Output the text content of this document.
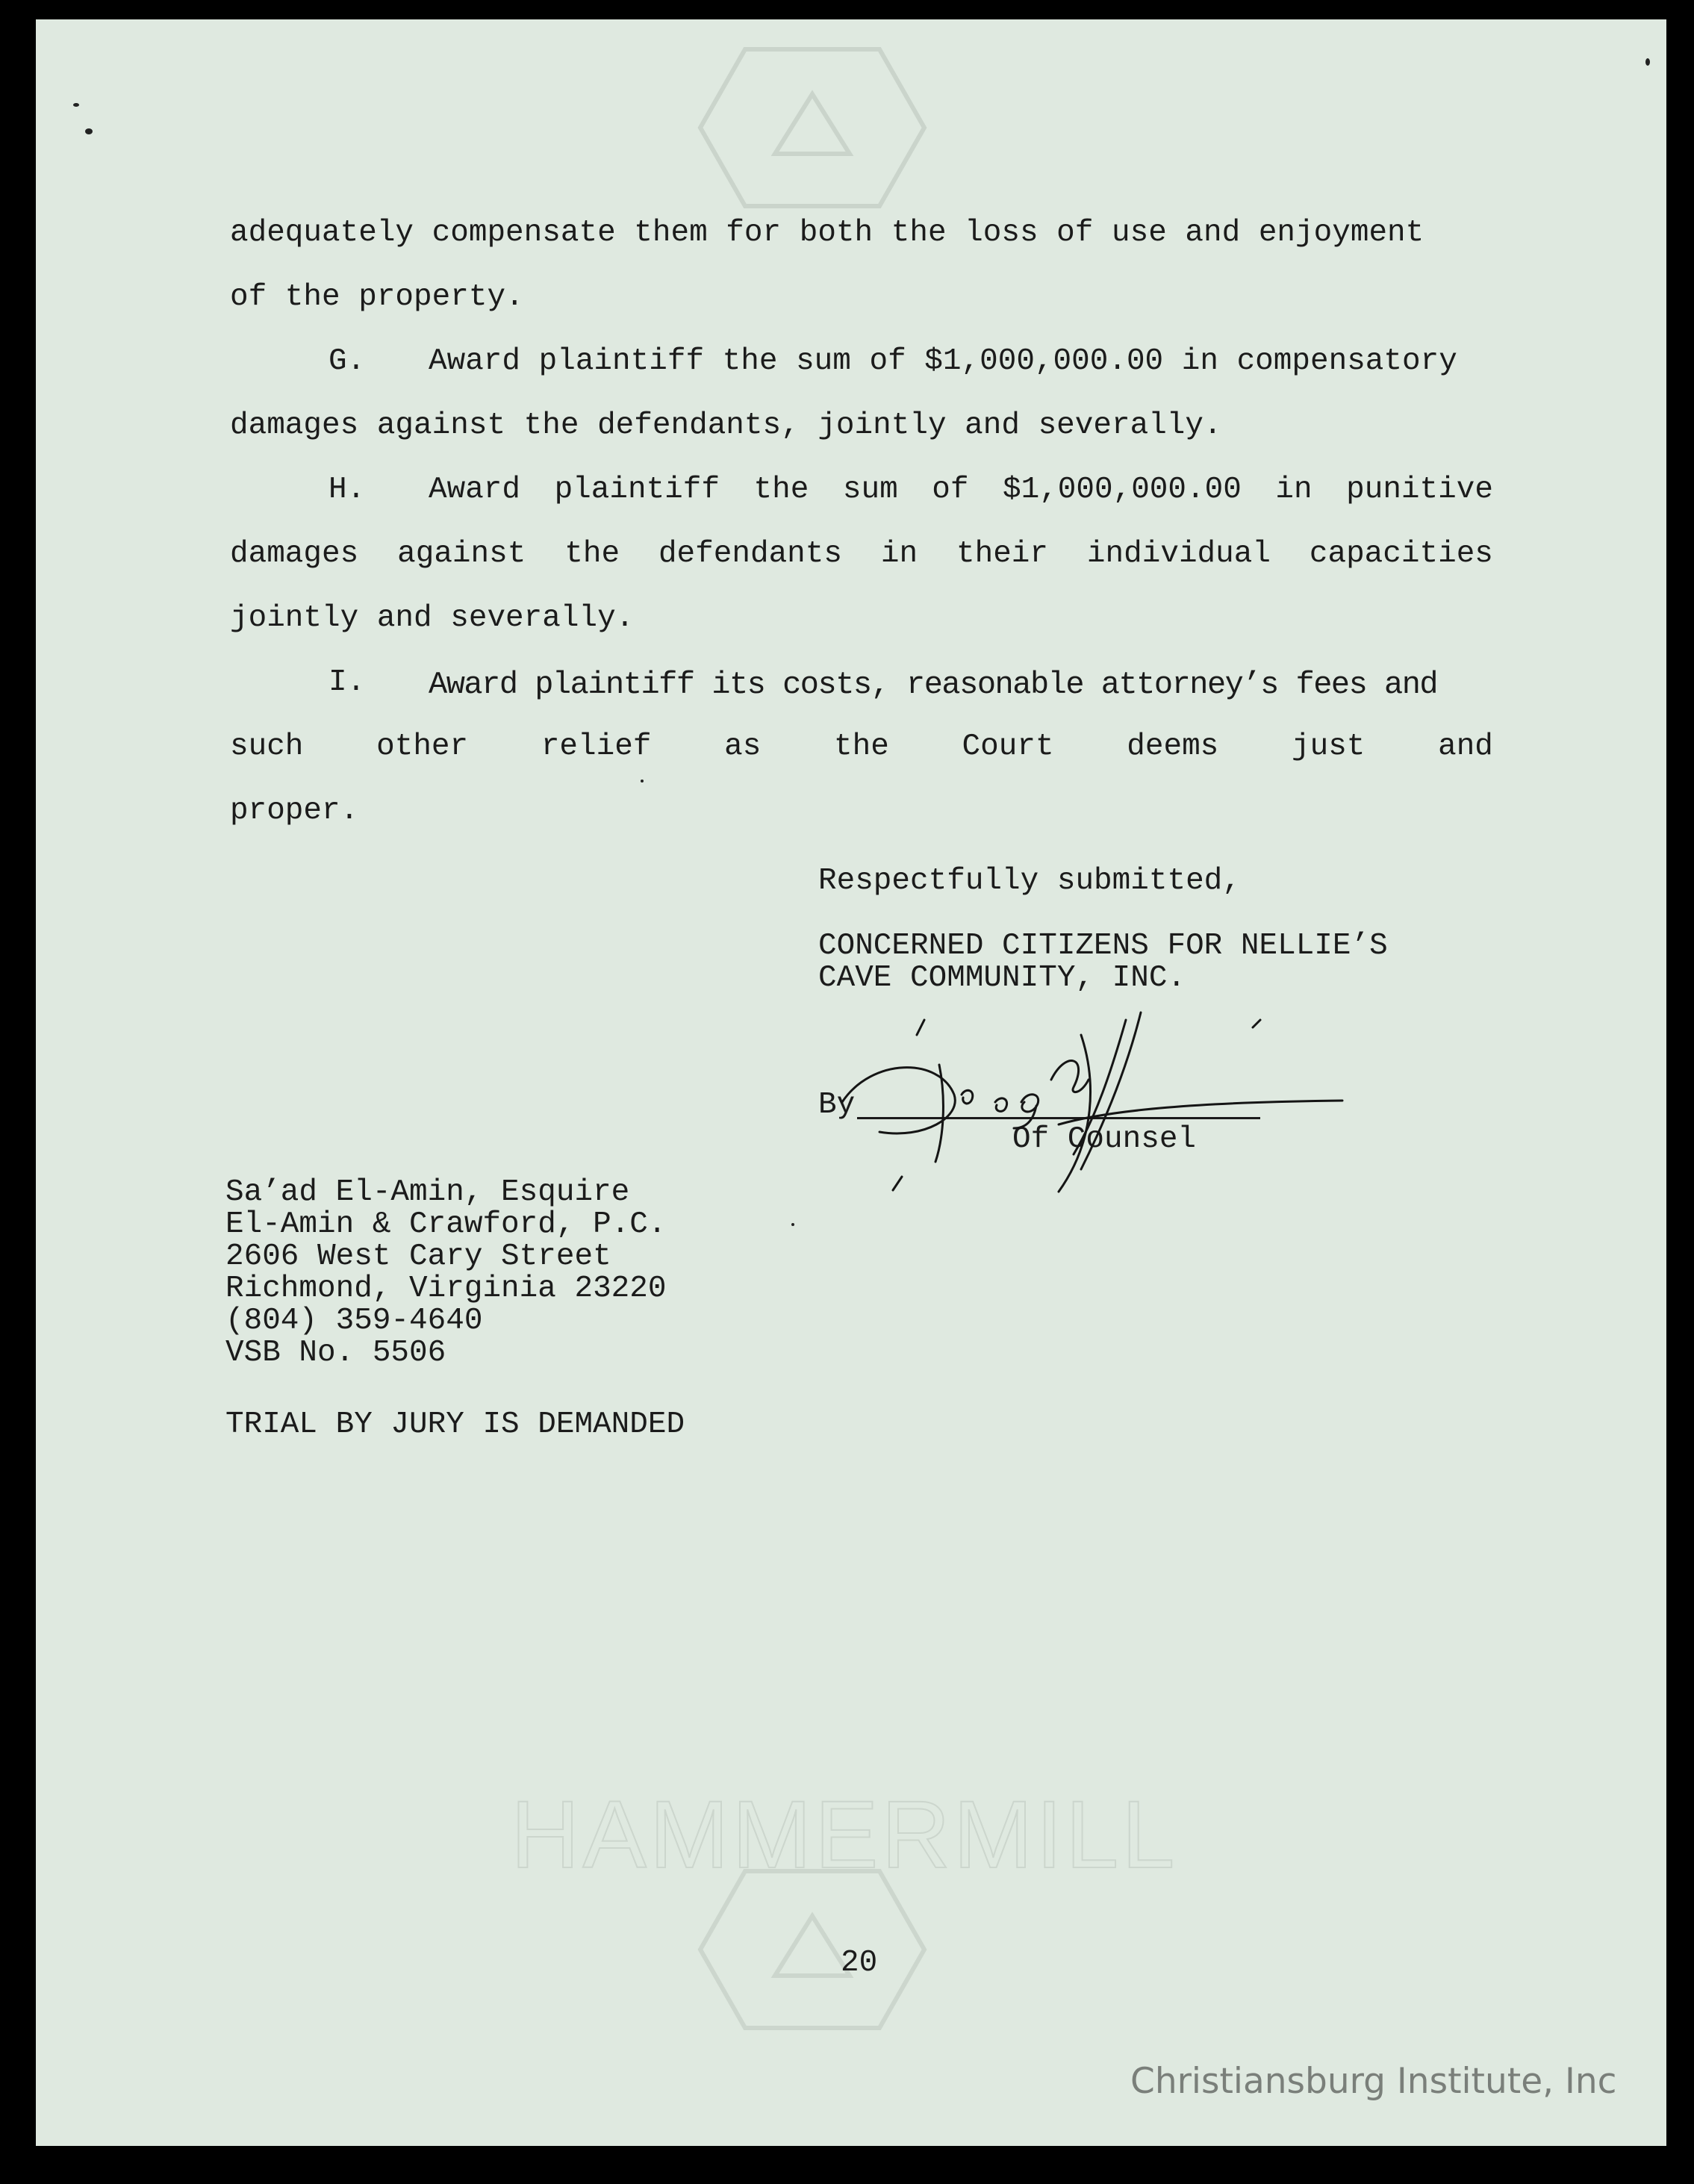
adequately compensate them for both the loss of use and enjoyment
of the property.
G. Award plaintiff the sum of $1,000,000.00 in compensatory
damages against the defendants, jointly and severally.
H. Award plaintiff the sum of $1,000,000.00 in punitive
damages against the defendants in their individual capacities
jointly and severally.
I. Award plaintiff its costs, reasonable attorney’s fees and
such other relief as the Court deems just and
proper.
Respectfully submitted,
CONCERNED CITIZENS FOR NELLIE’S
CAVE COMMUNITY, INC.
By
Of Counsel
Sa’ad El-Amin, Esquire
El-Amin & Crawford, P.C.
2606 West Cary Street
Richmond, Virginia 23220
(804) 359-4640
VSB No. 5506
TRIAL BY JURY IS DEMANDED
HAMMERMILL
20
Christiansburg Institute, Inc
